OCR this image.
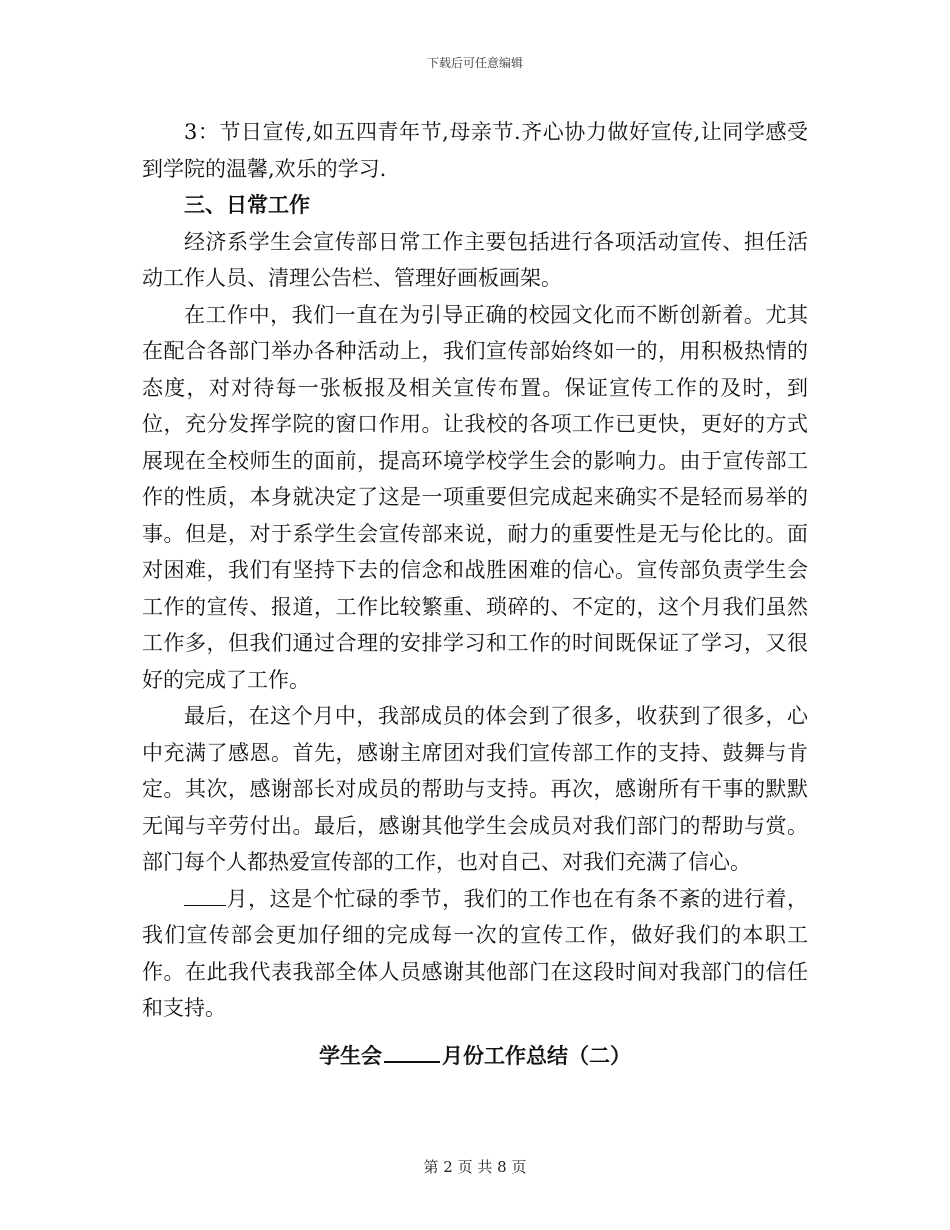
下载后可任意编辑

3：节日宣传,如五四青年节,母亲节.齐心协力做好宣传,让同学感受到学院的温馨,欢乐的学习.

三、日常工作

经济系学生会宣传部日常工作主要包括进行各项活动宣传、担任活动工作人员、清理公告栏、管理好画板画架。

在工作中，我们一直在为引导正确的校园文化而不断创新着。尤其在配合各部门举办各种活动上，我们宣传部始终如一的，用积极热情的态度，对对待每一张板报及相关宣传布置。保证宣传工作的及时，到位，充分发挥学院的窗口作用。让我校的各项工作已更快，更好的方式展现在全校师生的面前，提高环境学校学生会的影响力。由于宣传部工作的性质，本身就决定了这是一项重要但完成起来确实不是轻而易举的事。但是，对于系学生会宣传部来说，耐力的重要性是无与伦比的。面对困难，我们有坚持下去的信念和战胜困难的信心。宣传部负责学生会工作的宣传、报道，工作比较繁重、琐碎的、不定的，这个月我们虽然工作多，但我们通过合理的安排学习和工作的时间既保证了学习，又很好的完成了工作。

最后，在这个月中，我部成员的体会到了很多，收获到了很多，心中充满了感恩。首先，感谢主席团对我们宣传部工作的支持、鼓舞与肯定。其次，感谢部长对成员的帮助与支持。再次，感谢所有干事的默默无闻与辛劳付出。最后，感谢其他学生会成员对我们部门的帮助与赏。部门每个人都热爱宣传部的工作，也对自己、对我们充满了信心。

月，这是个忙碌的季节，我们的工作也在有条不紊的进行着，我们宣传部会更加仔细的完成每一次的宣传工作，做好我们的本职工作。在此我代表我部全体人员感谢其他部门在这段时间对我部门的信任和支持。

学生会	月份工作总结（二）
第 2 页 共 8 页
